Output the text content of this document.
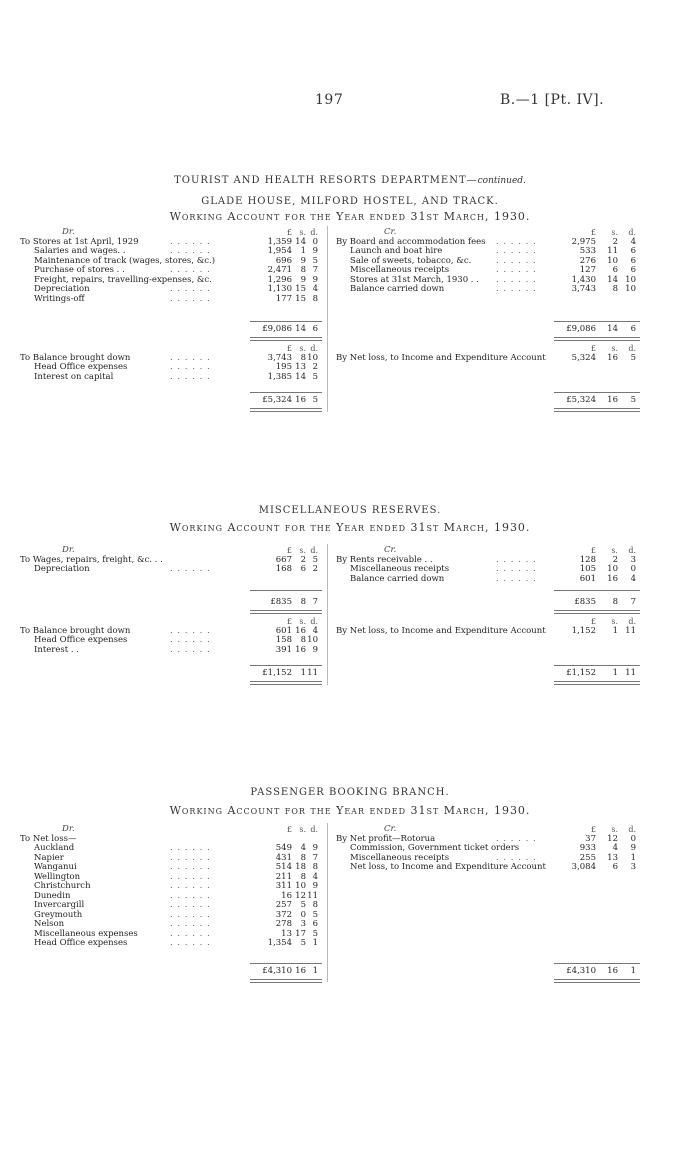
197	B.—1 [Pt. IV].
TOURIST AND HEALTH RESORTS DEPARTMENT—continued.
GLADE HOUSE, MILFORD HOSTEL, AND TRACK.
Working Account for the Year ended 31st March, 1930.
Dr.	Cr.
£ s. d.	£	s.	d.
To Stores at 1st April, 1929	. . . . . .	1,359 14 0
Salaries and wages. .	. . . . . .	1,954	1 9
Maintenance of track (wages, stores, &c.)	696	9 5
Purchase of stores . .	. . . . . .	2,471	8 7
Freight, repairs, travelling-expenses, &c.	1,296	9 9
Depreciation	. . . . . .	1,130 15 4
Writings-off	. . . . . .	177 15 8
By Board and accommodation fees . . . . . .	2,975	2	4
Launch and boat hire	. . . . . .	533	11	6
Sale of sweets, tobacco, &c.	. . . . . .	276	10	6
Miscellaneous receipts	. . . . . .	127	6	6
Stores at 31st March, 1930 . . . . . . . .	1,430	14 10
Balance carried down	. . . . . .	3,743	8 10
£9,086 14 6	£9,086	14	6
£ s. d.	£	s.	d.
To Balance brought down	. . . . . .	3,743	8 10
Head Office expenses	. . . . . .	195 13 2
Interest on capital	. . . . . .	1,385 14 5
By Net loss, to Income and Expenditure Account	5,324	16	5
£5,324 16 5	£5,324	16	5
MISCELLANEOUS RESERVES.
Working Account for the Year ended 31st March, 1930.
Dr.	Cr.
£ s. d.	£	s.	d.
To Wages, repairs, freight, &c. . .	667	2 5
Depreciation	. . . . . .	168	6 2
By Rents receivable . .	. . . . . .	128	2	3
Miscellaneous receipts	. . . . . .	105	10	0
Balance carried down	. . . . . .	601	16	4
£835	8 7	£835	8	7
£ s. d.	£	s.	d.
To Balance brought down	. . . . . .	601 16 4
Head Office expenses	. . . . . .	158	8 10
Interest . .	. . . . . .	391 16 9
By Net loss, to Income and Expenditure Account	1,152	1 11
£1,152	1 11	£1,152	1 11
PASSENGER BOOKING BRANCH.
Working Account for the Year ended 31st March, 1930.
Dr.	Cr.
£ s. d.	£	s.	d.
To Net loss—
Auckland	. . . . . .	549	4 9
Napier	. . . . . .	431	8 7
Wanganui	. . . . . .	514 18 8
Wellington	. . . . . .	211	8 4
Christchurch	. . . . . .	311 10 9
Dunedin	. . . . . .	16 12 11
Invercargill	. . . . . .	257	5 8
Greymouth	. . . . . .	372	0 5
Nelson	. . . . . .	278	3 6
Miscellaneous expenses	. . . . . .	13 17 5
Head Office expenses	. . . . . .	1,354	5 1
By Net profit—Rotorua	. . . . . .	37	12	0
Commission, Government ticket orders	933	4	9
Miscellaneous receipts	. . . . . .	255	13	1
Net loss, to Income and Expenditure Account	3,084	6	3
£4,310 16 1	£4,310	16	1
